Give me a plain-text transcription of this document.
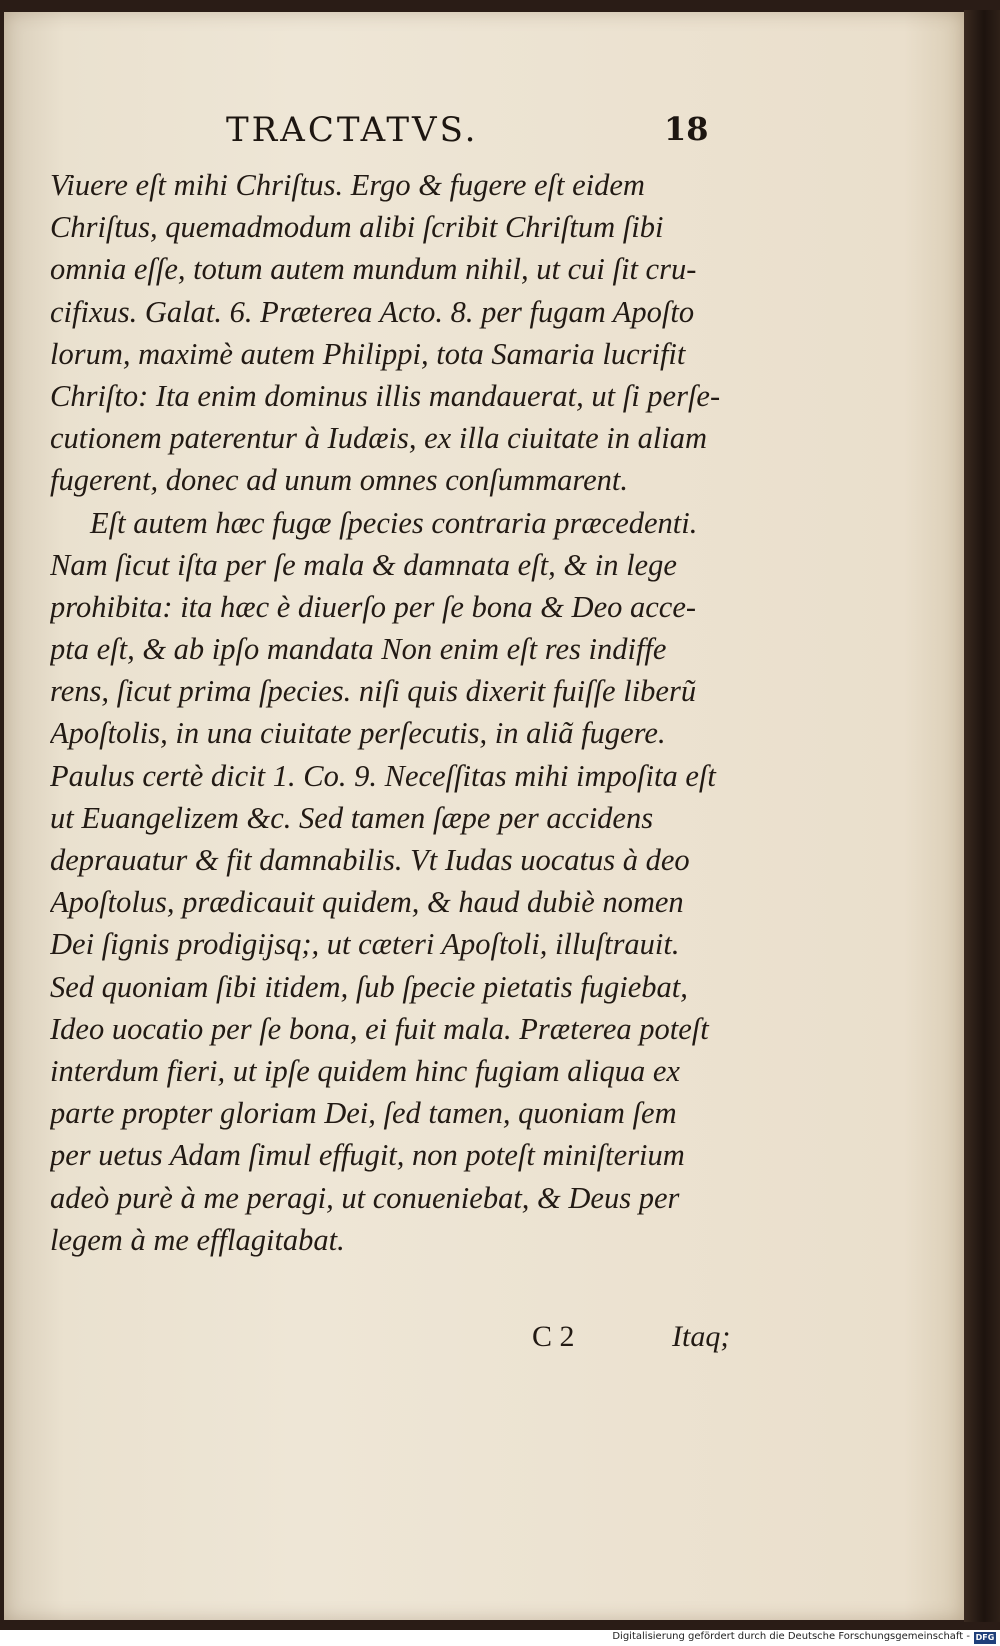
TRACTATVS.	18
Viuere eſt mihi Chriſtus. Ergo & fugere eſt eidem
Chriſtus, quemadmodum alibi ſcribit Chriſtum ſibi
omnia eſſe, totum autem mundum nihil, ut cui ſit cru-
cifixus. Galat. 6. Præterea Acto. 8. per fugam Apoſto
lorum, maximè autem Philippi, tota Samaria lucrifit
Chriſto: Ita enim dominus illis mandauerat, ut ſi perſe-
cutionem paterentur à Iudæis, ex illa ciuitate in aliam
fugerent, donec ad unum omnes conſummarent.
Eſt autem hæc fugæ ſpecies contraria præcedenti.
Nam ſicut iſta per ſe mala & damnata eſt, & in lege
prohibita: ita hæc è diuerſo per ſe bona & Deo acce-
pta eſt, & ab ipſo mandata Non enim eſt res indiffe
rens, ſicut prima ſpecies. niſi quis dixerit fuiſſe liberũ
Apoſtolis, in una ciuitate perſecutis, in aliã fugere.
Paulus certè dicit 1. Co. 9. Neceſſitas mihi impoſita eſt
ut Euangelizem &c. Sed tamen ſæpe per accidens
deprauatur & fit damnabilis. Vt Iudas uocatus à deo
Apoſtolus, prædicauit quidem, & haud dubiè nomen
Dei ſignis prodigijsq;, ut cæteri Apoſtoli, illuſtrauit.
Sed quoniam ſibi itidem, ſub ſpecie pietatis fugiebat,
Ideo uocatio per ſe bona, ei fuit mala. Præterea poteſt
interdum fieri, ut ipſe quidem hinc fugiam aliqua ex
parte propter gloriam Dei, ſed tamen, quoniam ſem
per uetus Adam ſimul effugit, non poteſt miniſterium
adeò purè à me peragi, ut conueniebat, & Deus per
legem à me efflagitabat.
C 2	Itaq;
Digitalisierung gefördert durch die Deutsche Forschungsgemeinschaft - DFG
